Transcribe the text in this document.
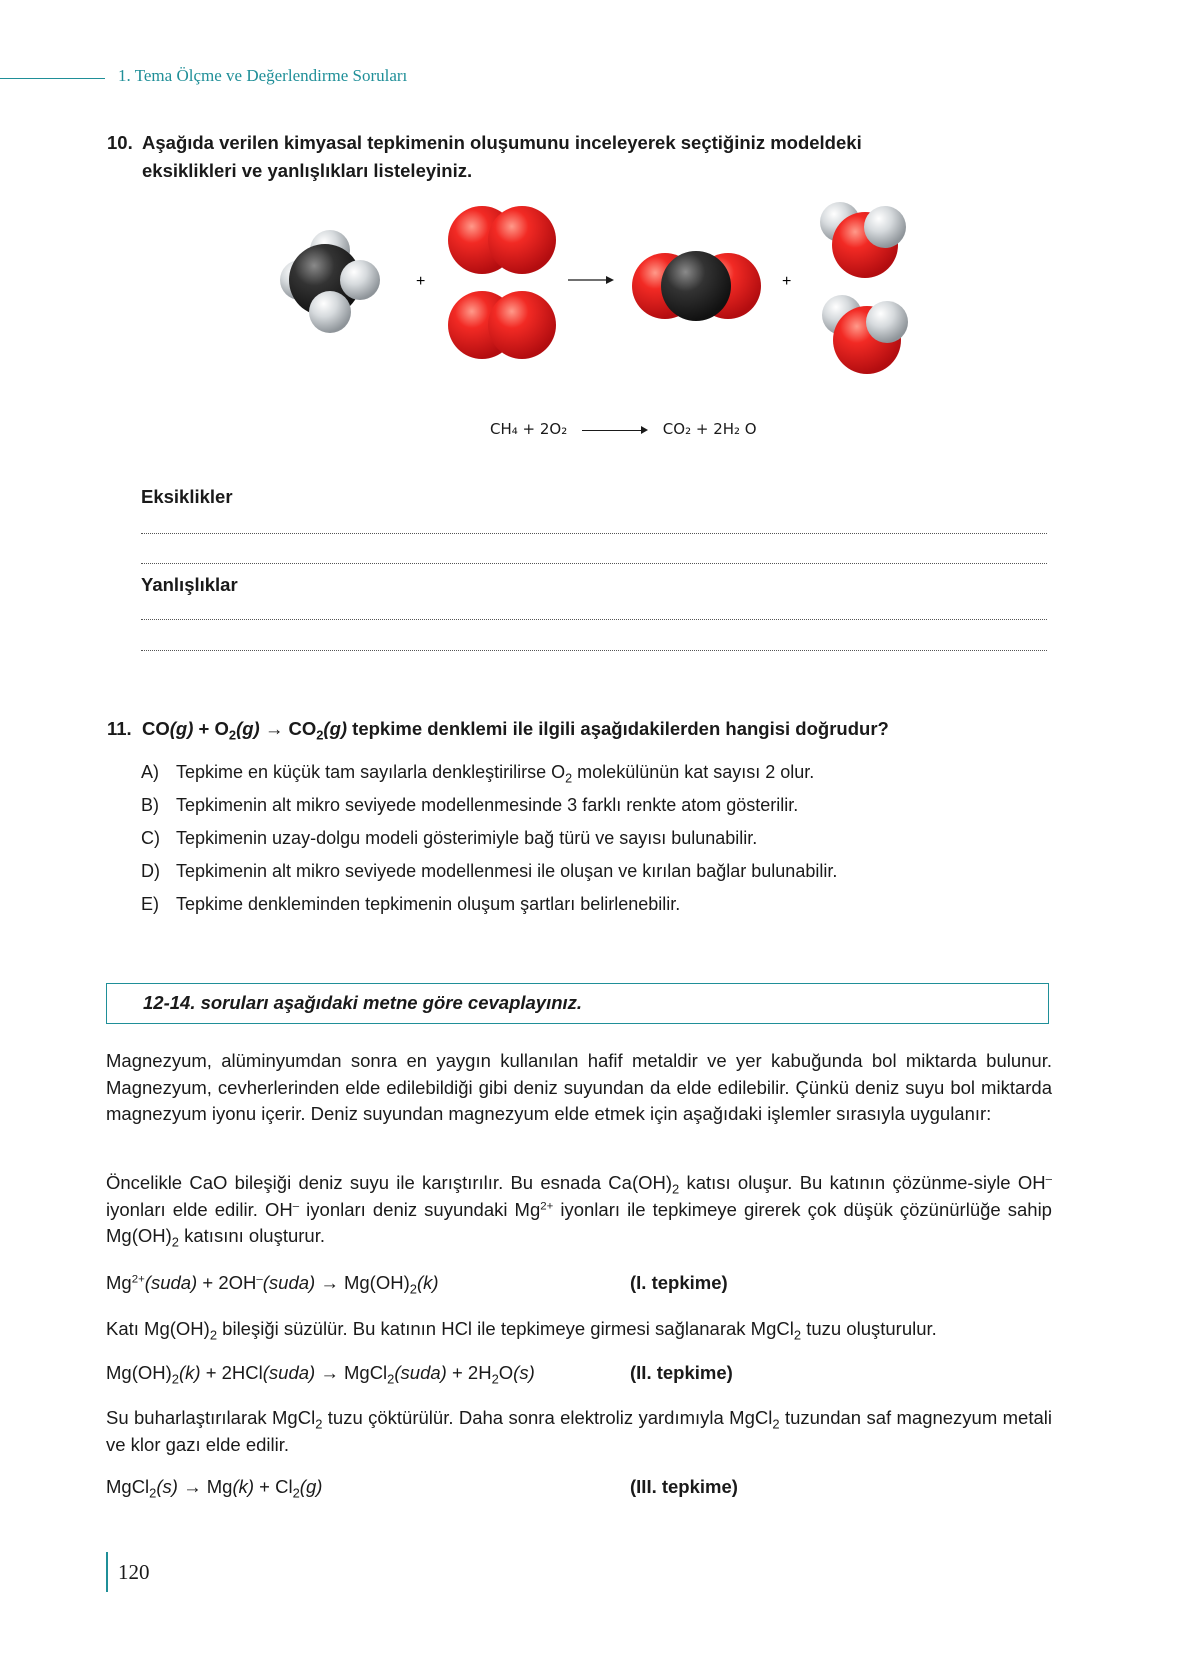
1. Tema Ölçme ve Değerlendirme Soruları
10. Aşağıda verilen kimyasal tepkimenin oluşumunu inceleyerek seçtiğiniz modeldeki
eksiklikleri ve yanlışlıkları listeleyiniz.
+	+
CH₄ + 2O₂	CO₂ + 2H₂ O
Eksiklikler
Yanlışlıklar
11. $CO(g) + O_2(g) \to CO_2(g)$ tepkime denklemi ile ilgili aşağıdakilerden hangisi doğrudur?
A) Tepkime en küçük tam sayılarla denkleştirilirse $O_2$ molekülünün kat sayısı 2 olur.
B) Tepkimenin alt mikro seviyede modellenmesinde 3 farklı renkte atom gösterilir.
C) Tepkimenin uzay-dolgu modeli gösterimiyle bağ türü ve sayısı bulunabilir.
D) Tepkimenin alt mikro seviyede modellenmesi ile oluşan ve kırılan bağlar bulunabilir.
E) Tepkime denkleminden tepkimenin oluşum şartları belirlenebilir.
12-14. soruları aşağıdaki metne göre cevaplayınız.
Magnezyum, alüminyumdan sonra en yaygın kullanılan hafif metaldir ve yer kabuğunda bol miktarda bulunur. Magnezyum, cevherlerinden elde edilebildiği gibi deniz suyundan da elde edilebilir. Çünkü deniz suyu bol miktarda magnezyum iyonu içerir. Deniz suyundan magnezyum elde etmek için aşağıdaki işlemler sırasıyla uygulanır:
Öncelikle CaO bileşiği deniz suyu ile karıştırılır. Bu esnada $Ca(OH)_2$ katısı oluşur. Bu katının çözünme-siyle OH– iyonları elde edilir. OH– iyonları deniz suyundaki $Mg^{2+}$ iyonları ile tepkimeye girerek çok düşük çözünürlüğe sahip $Mg(OH)_2$ katısını oluşturur.
$Mg^{2+}(suda)$ + 2OH–(suda) → $Mg(OH)_2(k)$	(I. tepkime)
Katı $Mg(OH)_2$ bileşiği süzülür. Bu katının HCl ile tepkimeye girmesi sağlanarak MgCl$_2$ tuzu oluşturulur.
$Mg(OH)_2(k)$ + 2HCl(suda) → MgCl$_2$(suda) + $2H_2O(s)$	(II. tepkime)
Su buharlaştırılarak MgCl$_2$ tuzu çöktürülür. Daha sonra elektroliz yardımıyla MgCl$_2$ tuzundan saf magnezyum metali ve klor gazı elde edilir.
MgCl$_2$(s) → $Mg(k) + Cl_2(g)$	(III. tepkime)
120
